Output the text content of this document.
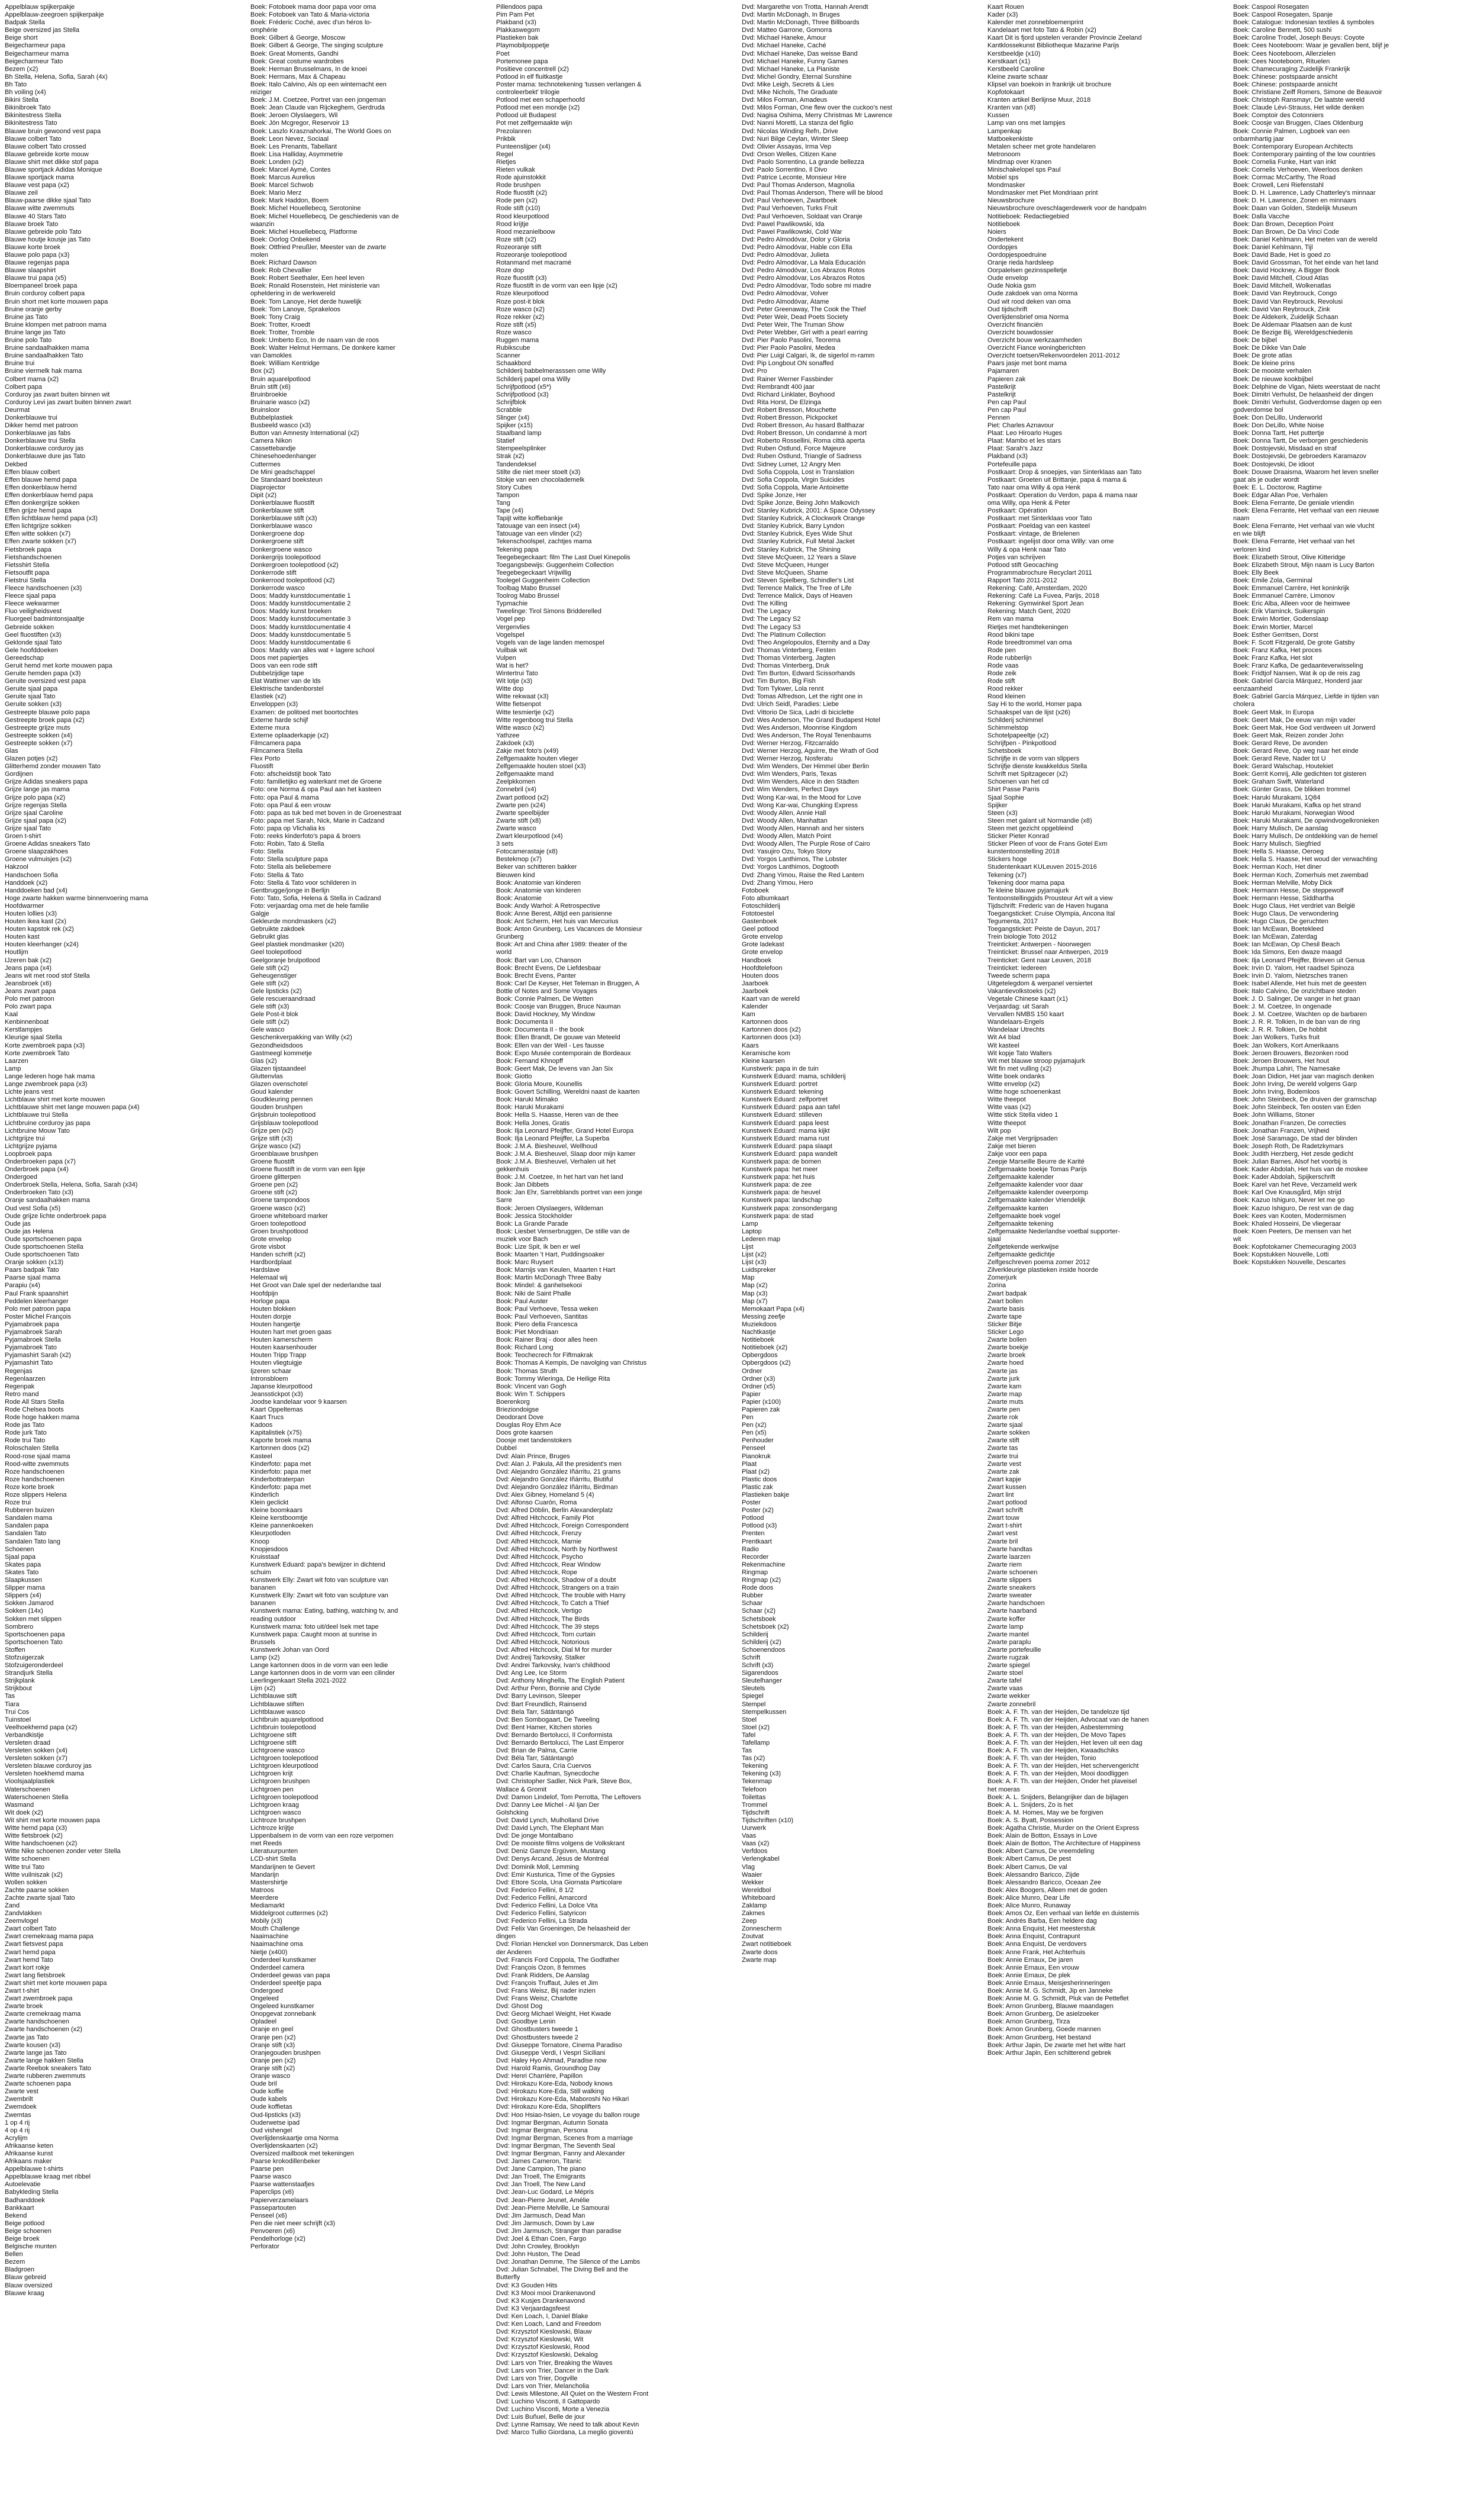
Appelblauw spijkerpakje
Appelblauw-zeegroen spijkerpakje
Badpak Stella
Beige oversized jas Stella
Beige short
Beigecharmeur papa
Beigecharmeur mama
Beigecharmeur Tato
Bezem (x2)
Bh Stella, Helena, Sofia, Sarah (4x)
Bh Tato
Bh voiling (x4)
Bikini Stella
Bikinibroek Tato
Bikinitestress Stella
Bikinitestress Tato
Blauwe bruin gewoond vest papa
Blauwe colbert Tato
Blauwe colbert Tato crossed
Blauwe gebreide korte mouw
Blauwe shirt met dikke stof papa
Blauwe sportjack Adidas Monique
Blauwe sportjack mama
Blauwe vest papa (x2)
Blauwe zeil
Blauw-paarse dikke sjaal Tato
Blauwe witte zwemmuts
Blauwe 40 Stars Tato
Blauwe broek Tato
Blauwe gebreide polo Tato
Blauwe houtje kousje jas Tato
Blauwe korte broek
Blauwe polo papa (x3)
Blauwe regenjas papa
Blauwe slaapshirt
Blauwe trui papa (x5)
Bloempaneel broek papa
Bruin corduroy colbert papa
Bruin short met korte mouwen papa
Bruine oranje gerby
Bruine jas Tato
Bruine klompen met patroon mama
Bruine lange jas Tato
Bruine polo Tato
Bruine sandaalhakken mama
Bruine sandaalhakken Tato
Bruine trui
Bruine viermelk hak mama
Colbert mama (x2)
Colbert papa
Corduroy jas zwart buiten binnen wit
Corduroy Levi jas zwart buiten binnen zwart
Deurmat
Donkerblauwe trui
Dikker hemd met patroon
Donkerblauwe jas fabs
Donkerblauwe trui Stella
Donkerblauwe corduroy jas
Donkerblauwe dure jas Tato
Dekbed
Effen blauw colbert
Effen blauwe hemd papa
Effen donkerblauw hemd
Effen donkerblauw hemd papa
Effen donkergrijze sokken
Effen grijze hemd papa
Effen lichtblauw hemd papa (x3)
Effen lichtgrijze sokken
Effen witte sokken (x7)
Effen zwarte sokken (x7)
Fietsbroek papa
Fietshandschoenen
Fietsshirt Stella
Fietsoutfit papa
Fietstrui Stella
Fleece handschoenen (x3)
Fleece sjaal papa
Fleece wekwarmer
Fluo veiligheidsvest
Fluorgeel badmintonsjaaltje
Gebreide sokken
Geel fluostiften (x3)
Geklonde sjaal Tato
Gele hoofddoeken
Gereedschap
Geruit hemd met korte mouwen papa
Geruite hemden papa (x3)
Geruite oversized vest papa
Geruite sjaal papa
Geruite sjaal Tato
Geruite sokken (x3)
Gestreepte blauwe polo papa
Gestreepte broek papa (x2)
Gestreepte grijze muts
Gestreepte sokken (x4)
Gestreepte sokken (x7)
Glas
Glazen potjes (x2)
Glitterhemd zonder mouwen Tato
Gordijnen
Grijze Adidas sneakers papa
Grijze lange jas mama
Grijze polo papa (x2)
Grijze regenjas Stella
Grijze sjaal Caroline
Grijze sjaal papa (x2)
Grijze sjaal Tato
Groen t-shirt
Groene Adidas sneakers Tato
Groene slaapzakhoes
Groene vulmuisjes (x2)
Hakzool
Handschoen Sofia
Handdoek (x2)
Handdoeken bad (x4)
Hoge zwarte hakken warme binnenvoering mama
Hoofdwarmer
Houten lollies (x3)
Houten ikea kast (2x)
Houten kapstok rek (x2)
Houten kast
Houten kleerhanger (x24)
Houtlijm
IJzeren bak (x2)
Jeans papa (x4)
Jeans wit met rood stof Stella
Jeansbroek (x6)
Jeans zwart papa
Polo met patroon
Polo zwart papa
Kaal
Kenbinnenboat
Kerstlampjes
Kleurige sjaal Stella
Korte zwembroek papa (x3)
Korte zwembroek Tato
Laarzen
Lamp
Lange lederen hoge hak mama
Lange zwembroek papa (x3)
Lichte jeans vest
Lichtblauw shirt met korte mouwen
Lichtblauwe shirt met lange mouwen papa (x4)
Lichtblauwe trui Stella
Lichtbruine corduroy jas papa
Lichtbruine Mouw Tato
Lichtgrijze trui
Lichtgrijze pyjama
Loopbroek papa
Onderbroeken papa (x7)
Onderbroek papa (x4)
Ondergoed
Onderbroek Stella, Helena, Sofia, Sarah (x34)
Onderbroeken Tato (x3)
Oranje sandaalhakken mama
Oud vest Sofia (x5)
Oude grijze lichte onderbroek papa
Oude jas
Oude jas Helena
Oude sportschoenen papa
Oude sportschoenen Stella
Oude sportschoenen Tato
Oranje sokken (x13)
Paars badpak Tato
Paarse sjaal mama
Parapiu (x4)
Paul Frank spaanshirt
Peddelen kleerhanger
Polo met patroon papa
Poster Michel François
Pyjamabroek papa
Pyjamabroek Sarah
Pyjamabroek Stella
Pyjamabroek Tato
Pyjamashirt Sarah (x2)
Pyjamashirt Tato
Regenjas
Regenlaarzen
Regenpak
Retro mand
Rode All Stars Stella
Rode Chelsea boots
Rode hoge hakken mama
Rode jas Tato
Rode jurk Tato
Rode trui Tato
Roloschalen Stella
Rood-rose sjaal mama
Rood-witte zwemmuts
Roze handschoenen
Roze handschoenen
Roze korte broek
Roze slippers Helena
Roze trui
Rubberen buizen
Sandalen mama
Sandalen papa
Sandalen Tato
Sandalen Tato lang
Schoenen
Sjaal papa
Skates papa
Skates Tato
Slaapkussen
Slipper mama
Slippers (x4)
Sokken Jamarod
Sokken (14x)
Sokken met slippen
Sombrero
Sportschoenen papa
Sportschoenen Tato
Stoffen
Stofzuigerzak
Stofzuigeronderdeel
Strandjurk Stella
Strijkplank
Strijkbout
Tas
Tiara
Trui Cos
Tuinstoel
Veelhoekhemd papa (x2)
Verbandkistje
Versleten draad
Versleten sokken (x4)
Versleten sokken (x7)
Versleten blauwe corduroy jas
Versleten hoekhemd mama
Vioolsjaalplastiek
Waterschoenen
Waterschoenen Stella
Wasmand
Wit doek (x2)
Wit shirt met korte mouwen papa
Witte hemd papa (x3)
Witte fietsbroek (x2)
Witte handschoenen (x2)
Witte Nike schoenen zonder veter Stella
Witte schoenen
Witte trui Tato
Witte vuilniszak (x2)
Wollen sokken
Zachte paarse sokken
Zachte zwarte sjaal Tato
Zand
Zandvlakken
Zeemvlogel
Zwart colbert Tato
Zwart cremekraag mama papa
Zwart fietsvest papa
Zwart hemd papa
Zwart hemd Tato
Zwart kort rokje
Zwart lang fietsbroek
Zwart shirt met korte mouwen papa
Zwart t-shirt
Zwart zwembroek papa
Zwarte broek
Zwarte cremekraag mama
Zwarte handschoenen
Zwarte handschoenen (x2)
Zwarte jas Tato
Zwarte kousen (x3)
Zwarte lange jas Tato
Zwarte lange hakken Stella
Zwarte Reebok sneakers Tato
Zwarte rubberen zwemmuts
Zwarte schoenen papa
Zwarte vest
Zwembrilt
Zwemdoek
Zwemtas
1 op 4 rij
4 op 4 rij
Acrylijm
Afrikaanse keten
Afrikaanse kunst
Afrikaans maker
Appelblauwe t-shirts
Appelblauwe kraag met ribbel
Autoelevatie
Babykleding Stella
Badhanddoek
Bankkaart
Bekend
Beige potlood
Beige schoenen
Beige broek
Belgische munten
Bellen
Bezem
Bladgroen
Blauw gebreid
Blauw oversized
Blauwe kraag
Boek: Fotoboek mama door papa voor oma
Boek: Fotoboek van Tato & Maria-victoria
Boek: Fréderic Coché, avec d'un héros lo-
omphérie
Boek: Gilbert & George, Moscow
Boek: Gilbert & George, The singing sculpture
Boek: Great Moments, Gandhi
Boek: Great costume wardrobes
Boek: Herman Brusselmans, In de knoei
Boek: Hermans, Max & Chapeau
Boek: Italo Calvino, Als op een winternacht een
reiziger
Boek: J.M. Coetzee, Portret van een jongeman
Boek: Jean Claude van Rijckeghem, Gerdruda
Boek: Jeroen Olyslaegers, Wil
Boek: Jón Mcgregor, Reservoir 13
Boek: Laszlo Krasznahorkai, The World Goes on
Boek: Leon Nevez, Sociaal
Boek: Les Prenants, Tabellant
Boek: Lisa Halliday, Asymmetrie
Boek: Londen (x2)
Boek: Marcel Aymé, Contes
Boek: Marcus Aurelius
Boek: Marcel Schwob
Boek: Mario Merz
Boek: Mark Haddon, Boem
Boek: Michel Houellebecq, Serotonine
Boek: Michel Houellebecq, De geschiedenis van de
waanzin
Boek: Michel Houellebecq, Platforme
Boek: Oorlog Onbekend
Boek: Ottfried Preußler, Meester van de zwarte
molen
Boek: Richard Dawson
Boek: Rob Chevallier
Boek: Robert Seethaler, Een heel leven
Boek: Ronald Rosenstein, Het ministerie van
opheldering in de werkwereld
Boek: Tom Lanoye, Het derde huwelijk
Boek: Tom Lanoye, Sprakeloos
Boek: Tony Craig
Boek: Trotter, Kroedt
Boek: Trotter, Tromble
Boek: Umberto Eco, In de naam van de roos
Boek: Walter Helmut Hermans, De donkere kamer
van Damokles
Boek: William Kentridge
Box (x2)
Bruin aquarelpotlood
Bruin stift (x6)
Bruinbroekie
Bruinarie wasco (x2)
Bruinsloor
Bubbelplastiek
Busbeeld wasco (x3)
Button van Amnesty International (x2)
Camera Nikon
Cassettebandje
Chinesehoedenhanger
Cuttermes
De Mini geadschappel
De Standaard boeksteun
Diaprojector
Dipit (x2)
Donkerblauwe fluostift
Donkerblauwe stift
Donkerblauwe stift (x3)
Donkerblauwe wasco
Donkergroene dop
Donkergroene stift
Donkergroene wasco
Donkergrijs toolepotlood
Donkergroen toolepotlood (x2)
Donkerrode stift
Donkerrood toolepotlood (x2)
Donkerrode wasco
Doos: Maddy kunstdocumentatie 1
Doos: Maddy kunstdocumentatie 2
Doos: Maddy kunst broeken
Doos: Maddy kunstdocumentatie 3
Doos: Maddy kunstdocumentatie 4
Doos: Maddy kunstdocumentatie 5
Doos: Maddy kunstdocumentatie 6
Doos: Maddy van alles wat + lagere school
Doos met papiertjes
Doos van een rode stift
Dubbelzijdige tape
Elat Wattimer van de lds
Elektrische tandenborstel
Elastiek (x2)
Enveloppen (x3)
Examen: de politoed met boortochtes
Externe harde schijf
Externe mura
Externe oplaaderkapje (x2)
Filmcamera papa
Filmcamera Stella
Flex Porto
Fluostift
Foto: afscheidstijt book Tato
Foto: familietijko eg waterkant met de Groene
Foto: one Norma & opa Paul aan het kasteen
Foto: opa Paul & mama
Foto: opa Paul & een vrouw
Foto: papa as tuk bed met boven in de Groenestraat
Foto: papa met Sarah, Nick, Marie in Cadzand
Foto: papa op Vlichalia ks
Foto: reeks kinderfoto's papa & broers
Foto: Robin, Tato & Stella
Foto: Stella
Foto: Stella sculpture papa
Foto: Stella als beliebemere
Foto: Stella & Tato
Foto: Stella & Tato voor schilderen in
Gentbrugge/jonge in Berlijn
Foto: Tato, Sofia, Helena & Stella in Cadzand
Foto: verjaardag oma met de hele familie
Galgje
Gekleurde mondmaskers (x2)
Gebruikte zakdoek
Gebruikt glas
Geel plastiek mondmasker (x20)
Geel toolepotlood
Geelgoranje brulpotlood
Gele stift (x2)
Geheugenstiger
Gele stift (x2)
Gele lipsticks (x2)
Gele rescueraandraad
Gele stift (x3)
Gele Post-it blok
Gele stift (x2)
Gele wasco
Geschenkverpakking van Willy (x2)
Gezondheidsdoos
Gastmeegl kommetje
Glas (x2)
Glazen tijstaandeel
Gluttenvlas
Glazen ovenschotel
Goud kalender
Goudkleuring pennen
Gouden brushpen
Grijsbruin toolepotlood
Grijsblauw toolepotlood
Grijze pen (x2)
Grijze stift (x3)
Grijze wasco (x2)
Groenblauwe brushpen
Groene fluostift
Groene fluostift in de vorm van een lipje
Groene glitterpen
Groene pen (x2)
Groene stift (x2)
Groene tampondoos
Groene wasco (x2)
Groene whiteboard marker
Groen toolepotlood
Groen brushpotlood
Grote envelop
Grote visbot
Handen schrift (x2)
Hardbordplaat
Hardslave
Helemaal wij
Het Groot van Dale spel der nederlandse taal
Hoofdpijn
Horloge papa
Houten blokken
Houten dorpje
Houten hangertje
Houten hart met groen gaas
Houten kamerscherm
Houten kaarsenhouder
Houten Tripp Trapp
Houten vliegtuigje
Ijzeren schaar
Intronsbloem
Japanse kleurpotlood
Jeansstickpot (x3)
Joodse kandelaar voor 9 kaarsen
Kaart Oppeltemas
Kaart Trucs
Kadoos
Kapitalistiek (x75)
Kaporte broek mama
Kartonnen doos (x2)
Kasteel
Kinderfoto: papa met
Kinderfoto: papa met
Kinderbottraterpan
Kinderfoto: papa met
Kinderlich
Klein geclickt
Kleine boomkaars
Kleine kerstboomtje
Kleine pannenkoeken
Kleurpotloden
Knoop
Knopjesdoos
Kruisstaaf
Kunstwerk Eduard: papa's bewijzer in dichtend
schuim
Kunstwerk Elly: Zwart wit foto van sculpture van
bananen
Kunstwerk Elly: Zwart wit foto van sculpture van
bananen
Kunstwerk mama: Eating, bathing, watching tv, and
reading outdoor
Kunstwerk mama: foto uit/deel lsek met tape
Kunstwerk papa: Caught moon at sunrise in
Brussels
Kunstwerk Johan van Oord
Lamp (x2)
Lange kartonnen doos in de vorm van een ledie
Lange kartonnen doos in de vorm van een cilinder
Leerlingenkaart Stella 2021-2022
Lijm (x2)
Lichtblauwe stift
Lichtblauwe stiften
Lichtblauwe wasco
Lichtbruin aquarelpotlood
Lichtbruin toolepotlood
Lichtgroene stift
Lichtgroene stift
Lichtgroene wasco
Lichtgroen toolepotlood
Lichtgroen kleurpotlood
Lichtgroen krijt
Lichtgroen brushpen
Lichtgroen pen
Lichtgroen toolepotlood
Lichtgroen kraag
Lichtgroen wasco
Lichtroze brushpen
Lichtroze krijtje
Lippenbalsem in de vorm van een roze verpomen
met Reeds
Literatuurpunten
LCD-shirt Stella
Mandarijnen te Gevert
Mandarijn
Mastershirtje
Matroos
Meerdere
Mediamarkt
Middelgroot cuttermes (x2)
Mobily (x3)
Mouth Challenge
Naaimachine
Naaimachine oma
Nietje (x400)
Onderdeel kunstkamer
Onderdeel camera
Onderdeel gewas van papa
Onderdeel speeltje papa
Ondergoed
Ongeleed
Ongeleed kunstkamer
Onopgevat zonnebank
Opladeel
Oranje en geel
Oranje pen (x2)
Oranje stift (x3)
Oranjegouden brushpen
Oranje pen (x2)
Oranje stift (x2)
Oranje wasco
Oude bril
Oude koffie
Oude kabels
Oude koffietas
Oud-lipsticks (x3)
Ouderwetse ipad
Oud vishengel
Overlijdenskaartje oma Norma
Overlijdenskaarten (x2)
Oversized mailbook met tekeningen
Paarse krokodillenbeker
Paarse pen
Paarse wasco
Paarse wattenstaafjes
Paperclips (x6)
Papierverzamelaars
Passepartouten
Penseel (x6)
Pen die niet meer schrijft (x3)
Penvoeren (x6)
Pendelhorloge (x2)
Perforator
Pillendoos papa
Pim Pam Pet
Plakband (x3)
Plakkaswegom
Plastieken bak
Playmobilpoppetje
Poet
Portemonee papa
Positieve concentrell (x2)
Potlood in elf fluitkastje
Poster mama: technotekening 'tussen verlangen &
controleerbekt' trilogie
Potlood met een schaperhoofd
Potlood met een mondje (x2)
Potlood uit Budapest
Pot met zelfgemaakte wijn
Prezolanren
Prikbik
Punteenslijper (x4)
Regel
Rietjes
Rieten vulkak
Rode ajuinstokkit
Rode brushpen
Rode fluostift (x2)
Rode pen (x2)
Rode stift (x10)
Rood kleurpotlood
Rood krijtje
Rood mezanielboow
Roze stift (x2)
Rozeoranje stift
Rozeoranje toolepotlood
Rotanmand met macramé
Roze dop
Roze fluostift (x3)
Roze fluostift in de vorm van een lipje (x2)
Roze kleurpotlood
Roze post-it blok
Roze wasco (x2)
Roze rekker (x2)
Roze stift (x5)
Roze wasco
Ruggen mama
Rubikscube
Scanner
Schaakbord
Schilderij babbelmerasssen ome Willy
Schilderij papel oma Willy
Schrijfpotlood (x5*)
Schrijfpotlood (x3)
Schrijfblok
Scrabble
Slinger (x4)
Spijker (x15)
Staalband lamp
Statief
Stempeelsplinker
Strak (x2)
Tandendeksel
Stilte die niet meer stoelt (x3)
Stokje van een chocolademelk
Story Cubes
Tampon
Tang
Tape (x4)
Tapijt witte koffiebankje
Tatouage van een insect (x4)
Tatouage van een vlinder (x2)
Tekenschoolspel, zachtjes mama
Tekening papa
Teegebegeckaart: film The Last Duel Kinepolis
Toegangsbewijs: Guggenheim Collection
Teegebegeckaart Vrijwillig
Toolegel Guggenheim Collection
Toolbag Mabo Brussel
Toolrog Mabo Brussel
Typmachie
Tweelinge: Tirol Simons Bridderelled
Vogel pep
Vergenvlies
Vogelspel
Vogels van de lage landen memospel
Vuilbak wit
Vulpen
Wat is het?
Wintertrui Tato
Wit lotje (x3)
Witte dop
Witte rekwaat (x3)
Witte fietsenpot
Witte tesmiertje (x2)
Witte regenboog trui Stella
Witte wasco (x2)
Yathzee
Zakdoek (x3)
Zakje met foto's (x49)
Zelfgemaakte houten vlieger
Zelfgemaakte houten stoel (x3)
Zelfgemaakte mand
Zeelpkkomen
Zonnebril (x4)
Zwart potlood (x2)
Zwarte pen (x24)
Zwarte speelbijder
Zwarte stift (x8)
Zwarte wasco
Zwart kleurpotlood (x4)
3 sets
Fotocamerastaje (x8)
Bestekmop (x7)
Beker van schitteren bakker
Bieuwen kind
Book: Anatomie van kinderen
Book: Anatomie van kinderen
Book: Anatomie
Book: Andy Warhol: A Retrospective
Book: Anne Berest, Altijd een parisienne
Book: Ant Scherm, Het huis van Mercurius
Book: Anton Grunberg, Les Vacances de Monsieur
Grunberg
Book: Art and China after 1989: theater of the
world
Book: Bart van Loo, Chanson
Book: Brecht Evens, De Liefdesbaar
Book: Brecht Evens, Panter
Book: Carl De Keyser, Het Teleman in Bruggen, A
Bottle of Notes and Some Voyages
Book: Connie Palmen, De Wetten
Book: Coosje van Bruggen, Bruce Nauman
Book: David Hockney, My Window
Book: Documenta II
Book: Documenta II - the book
Book: Ellen Brandt, De gouwe van Meteeld
Book: Ellen van der Weil - Les fausse
Book: Expo Musée contemporain de Bordeaux
Book: Fernand Khnopff
Book: Geert Mak, De levens van Jan Six
Book: Giotto
Book: Gloria Moure, Kounellis
Book: Govert Schilling, Wereldni naast de kaarten
Book: Haruki Mimako
Book: Haruki Murakami
Book: Hella S. Haasse, Heren van de thee
Book: Hella Jones, Gratis
Book: Ilja Leonard Pfeijffer, Grand Hotel Europa
Book: Ilja Leonard Pfeijffer, La Superba
Book: J.M.A. Biesheuvel, Wellhoud
Book: J.M.A. Biesheuvel, Slaap door mijn kamer
Book: J.M.A. Biesheuvel, Verhalen uit het
gekkenhuis
Book: J.M. Coetzee, In het hart van het land
Book: Jan Dibbets
Book: Jan Ehr, Sarrebblands portret van een jonge
Sarre
Book: Jeroen Olyslaegers, Wildeman
Book: Jessica Stockholder
Book: La Grande Parade
Book: Liesbet Venserbruggen, De stille van de
muziek voor Bach
Book: Lize Spit, Ik ben er wel
Book: Maarten 't Hart, Puddingsoaker
Book: Marc Ruysert
Book: Marnijs van Keulen, Maarten t Hart
Book: Martin McDonagh Three Baby
Book: Mindel: & ganhelsekooi
Book: Niki de Saint Phalle
Book: Paul Auster
Book: Paul Verhoeve, Tessa weken
Book: Paul Verhoeven, Santitas
Book: Piero della Francesca
Book: Piet Mondriaan
Book: Rainer Braj - door alles heen
Book: Richard Long
Book: Teochecrech for Fiftmakrak
Book: Thomas A Kempis, De navolging van Christus
Book: Thomas Struth
Book: Tommy Wieringa, De Heilige Rita
Book: Vincent van Gogh
Book: Wim T. Schippers
Boerenkorg
Brieziondoigse
Deodorant Dove
Douglas Roy Ehm Ace
Doos grote kaarsen
Doosje met tandenstokers
Dubbel
Dvd: Alain Prince, Bruges
Dvd: Alan J. Pakula, All the president's men
Dvd: Alejandro González Iñárritu, 21 grams
Dvd: Alejandro González Iñárritu, Biutiful
Dvd: Alejandro González Iñárritu, Birdman
Dvd: Alex Gibney, Homeland 5 (4)
Dvd: Alfonso Cuarón, Roma
Dvd: Alfred Döblin, Berlin Alexanderplatz
Dvd: Alfred Hitchcock, Family Plot
Dvd: Alfred Hitchcock, Foreign Correspondent
Dvd: Alfred Hitchcock, Frenzy
Dvd: Alfred Hitchcock, Marnie
Dvd: Alfred Hitchcock, North by Northwest
Dvd: Alfred Hitchcock, Psycho
Dvd: Alfred Hitchcock, Rear Window
Dvd: Alfred Hitchcock, Rope
Dvd: Alfred Hitchcock, Shadow of a doubt
Dvd: Alfred Hitchcock, Strangers on a train
Dvd: Alfred Hitchcock, The trouble with Harry
Dvd: Alfred Hitchcock, To Catch a Thief
Dvd: Alfred Hitchcock, Vertigo
Dvd: Alfred Hitchcock, The Birds
Dvd: Alfred Hitchcock, The 39 steps
Dvd: Alfred Hitchcock, Torn curtain
Dvd: Alfred Hitchcock, Notorious
Dvd: Alfred Hitchcock, Dial M for murder
Dvd: Andreij Tarkovsky, Stalker
Dvd: Andrei Tarkovsky, Ivan's childhood
Dvd: Ang Lee, Ice Storm
Dvd: Anthony Minghella, The English Patient
Dvd: Arthur Penn, Bonnie and Clyde
Dvd: Barry Levinson, Sleeper
Dvd: Bart Freundlich, Rainsend
Dvd: Bela Tarr, Sátántangó
Dvd: Ben Sombogaart, De Tweeling
Dvd: Bent Hamer, Kitchen stories
Dvd: Bernardo Bertolucci, Il Conformista
Dvd: Bernardo Bertolucci, The Last Emperor
Dvd: Brian de Palma, Carrie
Dvd: Béla Tarr, Sátántangó
Dvd: Carlos Saura, Cría Cuervos
Dvd: Charlie Kaufman, Synecdoche
Dvd: Christopher Sadler, Nick Park, Steve Box,
Wallace & Gromit
Dvd: Damon Lindelof, Tom Perrotta, The Leftovers
Dvd: Danny Lee Michel - Al Ijan Der
Golshcking
Dvd: David Lynch, Mulholland Drive
Dvd: David Lynch, The Elephant Man
Dvd: De jonge Montalbano
Dvd: De mooiste films volgens de Volkskrant
Dvd: Deniz Gamze Ergüven, Mustang
Dvd: Denys Arcand, Jésus de Montréal
Dvd: Dominik Moll, Lemming
Dvd: Emir Kusturica, Time of the Gypsies
Dvd: Ettore Scola, Una Giornata Particolare
Dvd: Federico Fellini, 8 1/2
Dvd: Federico Fellini, Amarcord
Dvd: Federico Fellini, La Dolce Vita
Dvd: Federico Fellini, Satyricon
Dvd: Federico Fellini, La Strada
Dvd: Felix Van Groeningen, De helaasheid der
dingen
Dvd: Florian Henckel von Donnersmarck, Das Leben
der Anderen
Dvd: Francis Ford Coppola, The Godfather
Dvd: François Ozon, 8 femmes
Dvd: Frank Ridders, De Aanslag
Dvd: François Truffaut, Jules et Jim
Dvd: Frans Weisz, Bij nader inzien
Dvd: Frans Weisz, Charlotte
Dvd: Ghost Dog
Dvd: Georg Michael Weight, Het Kwade
Dvd: Goodbye Lenin
Dvd: Ghostbusters tweede 1
Dvd: Ghostbusters tweede 2
Dvd: Giuseppe Tornatore, Cinema Paradiso
Dvd: Giuseppe Verdi, I Vespri Siciliani
Dvd: Haley Hyo Ahmad, Paradise now
Dvd: Harold Ramis, Groundhog Day
Dvd: Henri Charrière, Papillon
Dvd: Hirokazu Kore-Eda, Nobody knows
Dvd: Hirokazu Kore-Eda, Still walking
Dvd: Hirokazu Kore-Eda, Maboroshi No Hikari
Dvd: Hirokazu Kore-Eda, Shoplifters
Dvd: Hoo Hsiao-hsien, Le voyage du ballon rouge
Dvd: Ingmar Bergman, Autumn Sonata
Dvd: Ingmar Bergman, Persona
Dvd: Ingmar Bergman, Scenes from a marriage
Dvd: Ingmar Bergman, The Seventh Seal
Dvd: Ingmar Bergman, Fanny and Alexander
Dvd: James Cameron, Titanic
Dvd: Jane Campion, The piano
Dvd: Jan Troell, The Emigrants
Dvd: Jan Troell, The New Land
Dvd: Jean-Luc Godard, Le Mépris
Dvd: Jean-Pierre Jeunet, Amélie
Dvd: Jean-Pierre Melville, Le Samouraï
Dvd: Jim Jarmusch, Dead Man
Dvd: Jim Jarmusch, Down by Law
Dvd: Jim Jarmusch, Stranger than paradise
Dvd: Joel & Ethan Coen, Fargo
Dvd: John Crowley, Brooklyn
Dvd: John Huston, The Dead
Dvd: Jonathan Demme, The Silence of the Lambs
Dvd: Julian Schnabel, The Diving Bell and the
Butterfly
Dvd: K3 Gouden Hits
Dvd: K3 Mooi mooi Drankenavond
Dvd: K3 Kusjes Drankenavond
Dvd: K3 Verjaardagsfeest
Dvd: Ken Loach, I, Daniel Blake
Dvd: Ken Loach, Land and Freedom
Dvd: Krzysztof Kieslowski, Blauw
Dvd: Krzysztof Kieslowski, Wit
Dvd: Krzysztof Kieslowski, Rood
Dvd: Krzysztof Kieslowski, Dekalog
Dvd: Lars von Trier, Breaking the Waves
Dvd: Lars von Trier, Dancer in the Dark
Dvd: Lars von Trier, Dogville
Dvd: Lars von Trier, Melancholia
Dvd: Lewis Milestone, All Quiet on the Western Front
Dvd: Luchino Visconti, Il Gattopardo
Dvd: Luchino Visconti, Morte a Venezia
Dvd: Luis Buñuel, Belle de jour
Dvd: Lynne Ramsay, We need to talk about Kevin
Dvd: Marco Tullio Giordana, La meglio gioventù
Dvd: Margarethe von Trotta, Hannah Arendt
Dvd: Martin McDonagh, In Bruges
Dvd: Martin McDonagh, Three Billboards
Dvd: Matteo Garrone, Gomorra
Dvd: Michael Haneke, Amour
Dvd: Michael Haneke, Caché
Dvd: Michael Haneke, Das weisse Band
Dvd: Michael Haneke, Funny Games
Dvd: Michael Haneke, La Pianiste
Dvd: Michel Gondry, Eternal Sunshine
Dvd: Mike Leigh, Secrets & Lies
Dvd: Mike Nichols, The Graduate
Dvd: Milos Forman, Amadeus
Dvd: Milos Forman, One flew over the cuckoo's nest
Dvd: Nagisa Oshima, Merry Christmas Mr Lawrence
Dvd: Nanni Moretti, La stanza del figlio
Dvd: Nicolas Winding Refn, Drive
Dvd: Nuri Bilge Ceylan, Winter Sleep
Dvd: Olivier Assayas, Irma Vep
Dvd: Orson Welles, Citizen Kane
Dvd: Paolo Sorrentino, La grande bellezza
Dvd: Paolo Sorrentino, Il Divo
Dvd: Patrice Leconte, Monsieur Hire
Dvd: Paul Thomas Anderson, Magnolia
Dvd: Paul Thomas Anderson, There will be blood
Dvd: Paul Verhoeven, Zwartboek
Dvd: Paul Verhoeven, Turks Fruit
Dvd: Paul Verhoeven, Soldaat van Oranje
Dvd: Pawel Pawlikowski, Ida
Dvd: Pawel Pawlikowski, Cold War
Dvd: Pedro Almodóvar, Dolor y Gloria
Dvd: Pedro Almodóvar, Hable con Ella
Dvd: Pedro Almodóvar, Julieta
Dvd: Pedro Almodóvar, La Mala Educación
Dvd: Pedro Almodóvar, Los Abrazos Rotos
Dvd: Pedro Almodóvar, Los Abrazos Rotos
Dvd: Pedro Almodóvar, Todo sobre mi madre
Dvd: Pedro Almodóvar, Volver
Dvd: Pedro Almodóvar, Átame
Dvd: Peter Greenaway, The Cook the Thief
Dvd: Peter Weir, Dead Poets Society
Dvd: Peter Weir, The Truman Show
Dvd: Peter Webber, Girl with a pearl earring
Dvd: Pier Paolo Pasolini, Teorema
Dvd: Pier Paolo Pasolini, Medea
Dvd: Pier Luigi Calgari, Ik, de sigerlol m-ramm
Dvd: Pip Longbout ON sonaffed
Dvd: Pro
Dvd: Rainer Werner Fassbinder
Dvd: Rembrandt 400 jaar
Dvd: Richard Linklater, Boyhood
Dvd: Rita Horst, De Elzinga
Dvd: Robert Bresson, Mouchette
Dvd: Robert Bresson, Pickpocket
Dvd: Robert Bresson, Au hasard Balthazar
Dvd: Robert Bresson, Un condamné à mort
Dvd: Roberto Rossellini, Roma città aperta
Dvd: Ruben Östlund, Force Majeure
Dvd: Ruben Östlund, Triangle of Sadness
Dvd: Sidney Lumet, 12 Angry Men
Dvd: Sofia Coppola, Lost in Translation
Dvd: Sofia Coppola, Virgin Suicides
Dvd: Sofia Coppola, Marie Antoinette
Dvd: Spike Jonze, Her
Dvd: Spike Jonze, Being John Malkovich
Dvd: Stanley Kubrick, 2001: A Space Odyssey
Dvd: Stanley Kubrick, A Clockwork Orange
Dvd: Stanley Kubrick, Barry Lyndon
Dvd: Stanley Kubrick, Eyes Wide Shut
Dvd: Stanley Kubrick, Full Metal Jacket
Dvd: Stanley Kubrick, The Shining
Dvd: Steve McQueen, 12 Years a Slave
Dvd: Steve McQueen, Hunger
Dvd: Steve McQueen, Shame
Dvd: Steven Spielberg, Schindler's List
Dvd: Terrence Malick, The Tree of Life
Dvd: Terrence Malick, Days of Heaven
Dvd: The Killing
Dvd: The Legacy
Dvd: The Legacy S2
Dvd: The Legacy S3
Dvd: The Platinum Collection
Dvd: Theo Angelopoulos, Eternity and a Day
Dvd: Thomas Vinterberg, Festen
Dvd: Thomas Vinterberg, Jagten
Dvd: Thomas Vinterberg, Druk
Dvd: Tim Burton, Edward Scissorhands
Dvd: Tim Burton, Big Fish
Dvd: Tom Tykwer, Lola rennt
Dvd: Tomas Alfredson, Let the right one in
Dvd: Ulrich Seidl, Paradies: Liebe
Dvd: Vittorio De Sica, Ladri di biciclette
Dvd: Wes Anderson, The Grand Budapest Hotel
Dvd: Wes Anderson, Moonrise Kingdom
Dvd: Wes Anderson, The Royal Tenenbaums
Dvd: Werner Herzog, Fitzcarraldo
Dvd: Werner Herzog, Aguirre, the Wrath of God
Dvd: Werner Herzog, Nosferatu
Dvd: Wim Wenders, Der Himmel über Berlin
Dvd: Wim Wenders, Paris, Texas
Dvd: Wim Wenders, Alice in den Städten
Dvd: Wim Wenders, Perfect Days
Dvd: Wong Kar-wai, In the Mood for Love
Dvd: Wong Kar-wai, Chungking Express
Dvd: Woody Allen, Annie Hall
Dvd: Woody Allen, Manhattan
Dvd: Woody Allen, Hannah and her sisters
Dvd: Woody Allen, Match Point
Dvd: Woody Allen, The Purple Rose of Cairo
Dvd: Yasujiro Ozu, Tokyo Story
Dvd: Yorgos Lanthimos, The Lobster
Dvd: Yorgos Lanthimos, Dogtooth
Dvd: Zhang Yimou, Raise the Red Lantern
Dvd: Zhang Yimou, Hero
Fotoboek
Foto albumkaart
Fotoschilderij
Fototoestel
Gastenboek
Geel potlood
Grote envelop
Grote ladekast
Grote envelop
Handboek
Hoofdtelefoon
Houten doos
Jaarboek
Jaarboek
Kaart van de wereld
Kalender
Kam
Kartonnen doos
Kartonnen doos (x2)
Kartonnen doos (x3)
Kaars
Keramische kom
Kleine kaarsen
Kunstwerk: papa in de tuin
Kunstwerk Eduard: mama, schilderij
Kunstwerk Eduard: portret
Kunstwerk Eduard: tekening
Kunstwerk Eduard: zelfportret
Kunstwerk Eduard: papa aan tafel
Kunstwerk Eduard: stilleven
Kunstwerk Eduard: papa leest
Kunstwerk Eduard: mama kijkt
Kunstwerk Eduard: mama rust
Kunstwerk Eduard: papa slaapt
Kunstwerk Eduard: papa wandelt
Kunstwerk papa: de bomen
Kunstwerk papa: het meer
Kunstwerk papa: het huis
Kunstwerk papa: de zee
Kunstwerk papa: de heuvel
Kunstwerk papa: landschap
Kunstwerk papa: zonsondergang
Kunstwerk papa: de stad
Lamp
Laptop
Lederen map
Lijst
Lijst (x2)
Lijst (x3)
Luidspreker
Map
Map (x2)
Map (x3)
Map (x7)
Memokaart Papa (x4)
Messing zeefje
Muziekdoos
Nachtkastje
Notitieboek
Notitieboek (x2)
Opbergdoos
Opbergdoos (x2)
Ordner
Ordner (x3)
Ordner (x5)
Papier
Papier (x100)
Papieren zak
Pen
Pen (x2)
Pen (x5)
Penhouder
Penseel
Pianokruk
Plaat
Plaat (x2)
Plastic doos
Plastic zak
Plastieken bakje
Poster
Poster (x2)
Potlood
Potlood (x3)
Prenten
Prentkaart
Radio
Recorder
Rekenmachine
Ringmap
Ringmap (x2)
Rode doos
Rubber
Schaar
Schaar (x2)
Schetsboek
Schetsboek (x2)
Schilderij
Schilderij (x2)
Schoenendoos
Schrift
Schrift (x3)
Sigarendoos
Sleutelhanger
Sleutels
Spiegel
Stempel
Stempelkussen
Stoel
Stoel (x2)
Tafel
Tafellamp
Tas
Tas (x2)
Tekening
Tekening (x3)
Tekenmap
Telefoon
Toilettas
Trommel
Tijdschrift
Tijdschriften (x10)
Uurwerk
Vaas
Vaas (x2)
Verfdoos
Verlengkabel
Vlag
Waaier
Wekker
Wereldbol
Whiteboard
Zaklamp
Zakmes
Zeep
Zonnescherm
Zoutvat
Zwart notitieboek
Zwarte doos
Zwarte map
Kaart Rouen
Kader (x3)
Kalender met zonnebloemenprint
Kandelaart met foto Tato & Robin (x2)
Kaart Dit is fjord upstelen verander Provincie Zeeland
Kantklossekunst Bibliotheque Mazarine Parijs
Kerstbeeldje (x10)
Kerstkaart (x1)
Kerstbeeld Caroline
Kleine zwarte schaar
Klipsel van boekoin in frankrijk uit brochure
Kopfotokaart
Kranten artikel Berlijnse Muur, 2018
Kranten van (x8)
Kussen
Lamp van ons met lampjes
Lampenkap
Matboekenkiste
Metalen scheer met grote handelaren
Metronoom
Mindmap over Kranen
Minischakelopel sps Paul
Mobiel sps
Mondmasker
Mondmasker met Piet Mondriaan print
Nieuwsbrochure
Nieuwsbrochure oveschlagerdewerk voor de handpalm
Notitieboek: Redactiegebied
Notitieboek
Noiers
Ondertekent
Oordopjes
Oordopjespoedruine
Oranje rieda hardsleep
Oorpalelsen gezinsspelletje
Oude envelop
Oude Nokia gsm
Oude zakdoek van oma Norma
Oud wit rood deken van oma
Oud tijdschrift
Overlijdensbrief oma Norma
Overzicht financiën
Overzicht bouwdossier
Overzicht bouw werkzaamheden
Overzicht Fiance woningberichten
Overzicht toetsen/Rekenvoordelen 2011-2012
Paars jasje met bont mama
Pajamaren
Papieren zak
Pastelkrijt
Pastelkrijt
Pen cap Paul
Pen cap Paul
Pennen
Piet: Charles Aznavour
Plaat: Leo Hiroarlo Huges
Plaat: Mambo et les stars
Plaat: Sarah's Jazz
Plakband (x3)
Portefeuille papa
Postkaart: Drop & snoepjes, van Sinterklaas aan Tato
Postkaart: Groeten uit Brittanje, papa & mama &
Tato naar oma Willy & opa Henk
Postkaart: Operation du Verdon, papa & mama naar
oma Willy, opa Henk & Peter
Postkaart: Opération
Postkaart: met Sinterklaas voor Tato
Postkaart: Poeldag van een kasteel
Postkaart: vintage, de Brielenen
Postkaart: ingelijst door oma Willy: van ome
Willy & opa Henk naar Tato
Potjes van schrijven
Potlood stift Geocaching
Programmabrochure Recyclart 2011
Rapport Tato 2011-2012
Rekening: Café, Amsterdam, 2020
Rekening: Café La Fuvea, Parijs, 2018
Rekening: Gymwinkel Sport Jean
Rekening: Match Gent, 2020
Rem van mama
Rietjes met handtekeningen
Rood bikini tape
Rode breedtrommel van oma
Rode pen
Rode rubberlijn
Rode vaas
Rode zeik
Rode stift
Rood rekker
Rood kleinen
Say Hi to the world, Homer papa
Schaakspel van de lijst (x26)
Schilderij schimmel
Schimmelstop
Schotelpapeeltje (x2)
Schrijfpen - Pinkpotlood
Schetsboek
Schrijfje in de vorm van slippers
Schrijfje dienste kwakkeldus Stella
Schrift met Spitzagecer (x2)
Schoenen van het cd
Shirt Passe Parris
Sjaal Sophie
Spijker
Steen (x3)
Steen met galant uit Normandie (x8)
Steen met gezicht opgebleind
Sticker Pieter Konrad
Sticker Pleen of voor de Frans Gotel Exm
kunstentoonstelling 2018
Stickers hoge
Studentenkaart KULeuven 2015-2016
Tekening (x7)
Tekening door mama papa
Te kleine blauwe pyjamajurk
Tentoonstellinggids Prousteur Art wit a view
Tijdschrift: Frederic van de Haven hugana
Toegangsticket: Cruise Olympia, Ancona Ital
Tegumenta, 2017
Toegangsticket: Peiste de Dayun, 2017
Trein biologie Toto 2012
Treinticket: Antwerpen - Noorwegen
Treinticket: Brussel naar Antwerpen, 2019
Treinticket: Gent naar Leuven, 2018
Treinticket: Iedereen
Tweede scherm papa
Uitgetelegdom & werpanel versiertet
Vakantievolkstoeks (x2)
Vegetale Chinese kaart (x1)
Verjaardag: uit Sarah
Vervallen NMBS 150 kaart
Wandelaars-Engels
Wandelaar Utrechts
Wit A4 blad
Wit kasteel
Wit kopje Tato Walters
Wit met blauwe stroop pyjamajurk
Wit fin met vulling (x2)
Witte boek ondanks
Witte envelop (x2)
Witte hoge schoenenkast
Witte theepot
Witte vaas (x2)
Witte stick Stella video 1
Witte theepot
Wilt pop
Zakje met Vergrijpsaden
Zakje met bieren
Zakje voor een papa
Zeepje Marseille Beurre de Karité
Zelfgemaakte boekje Tomas Parijs
Zelfgemaakte kalender
Zelfgemaakte kalender voor daar
Zelfgemaakte kalender oveerpomp
Zelfgemaakte kalender Vriendelijk
Zelfgemaakte kanten
Zelfgemaakte boek vogel
Zelfgemaakte tekening
Zelfgemaakte Nederlandse voetbal supporter-
sjaal
Zelfgetekende werkwijse
Zelfgemaakte gedichtje
Zelfgeschreven poema zomer 2012
Zilverkleurige plastieken inside hoorde
Zomerjurk
Zorina
Zwart badpak
Zwart bollen
Zwarte basis
Zwarte tape
Sticker Bitje
Sticker Lego
Zwarte bollen
Zwarte boekje
Zwarte broek
Zwarte hoed
Zwarte jas
Zwarte jurk
Zwarte kam
Zwarte map
Zwarte muts
Zwarte pen
Zwarte rok
Zwarte sjaal
Zwarte sokken
Zwarte stift
Zwarte tas
Zwarte trui
Zwarte vest
Zwarte zak
Zwart kapje
Zwart kussen
Zwart lint
Zwart potlood
Zwart schrift
Zwart touw
Zwart t-shirt
Zwart vest
Zwarte bril
Zwarte handtas
Zwarte laarzen
Zwarte riem
Zwarte schoenen
Zwarte slippers
Zwarte sneakers
Zwarte sweater
Zwarte handschoen
Zwarte haarband
Zwarte koffer
Zwarte lamp
Zwarte mantel
Zwarte paraplu
Zwarte portefeuille
Zwarte rugzak
Zwarte spiegel
Zwarte stoel
Zwarte tafel
Zwarte vaas
Zwarte wekker
Zwarte zonnebril
Boek: A. F. Th. van der Heijden, De tandeloze tijd
Boek: A. F. Th. van der Heijden, Advocaat van de hanen
Boek: A. F. Th. van der Heijden, Asbestemming
Boek: A. F. Th. van der Heijden, De Movo Tapes
Boek: A. F. Th. van der Heijden, Het leven uit een dag
Boek: A. F. Th. van der Heijden, Kwaadschiks
Boek: A. F. Th. van der Heijden, Tonio
Boek: A. F. Th. van der Heijden, Het schervengericht
Boek: A. F. Th. van der Heijden, Mooi doodliggen
Boek: A. F. Th. van der Heijden, Onder het plaveisel
het moeras
Boek: A. L. Snijders, Belangrijker dan de bijlagen
Boek: A. L. Snijders, Zo is het
Boek: A. M. Homes, May we be forgiven
Boek: A. S. Byatt, Possession
Boek: Agatha Christie, Murder on the Orient Express
Boek: Alain de Botton, Essays in Love
Boek: Alain de Botton, The Architecture of Happiness
Boek: Albert Camus, De vreemdeling
Boek: Albert Camus, De pest
Boek: Albert Camus, De val
Boek: Alessandro Baricco, Zijde
Boek: Alessandro Baricco, Oceaan Zee
Boek: Alex Boogers, Alleen met de goden
Boek: Alice Munro, Dear Life
Boek: Alice Munro, Runaway
Boek: Amos Oz, Een verhaal van liefde en duisternis
Boek: Andrés Barba, Een heldere dag
Boek: Anna Enquist, Het meesterstuk
Boek: Anna Enquist, Contrapunt
Boek: Anna Enquist, De verdovers
Boek: Anne Frank, Het Achterhuis
Boek: Annie Ernaux, De jaren
Boek: Annie Ernaux, Een vrouw
Boek: Annie Ernaux, De plek
Boek: Annie Ernaux, Meisjesherinneringen
Boek: Annie M. G. Schmidt, Jip en Janneke
Boek: Annie M. G. Schmidt, Pluk van de Petteflet
Boek: Arnon Grunberg, Blauwe maandagen
Boek: Arnon Grunberg, De asielzoeker
Boek: Arnon Grunberg, Tirza
Boek: Arnon Grunberg, Goede mannen
Boek: Arnon Grunberg, Het bestand
Boek: Arthur Japin, De zwarte met het witte hart
Boek: Arthur Japin, Een schitterend gebrek
Boek: Caspool Rosegaten
Boek: Caspool Rosegaten, Spanje
Boek: Catalogue: Indonesian textiles & symboles
Boek: Caroline Bennett, 500 sushi
Boek: Caroline Trodel, Joseph Beuys: Coyote
Boek: Cees Nooteboom: Waar je gevallen bent, blijf je
Boek: Cees Nooteboom, Allerzielen
Boek: Cees Nooteboom, Rituelen
Boek: Chamecuraging Zuidelijk Frankrijk
Boek: Chinese: postspaarde ansicht
Boek: Chinese: postspaarde ansicht
Boek: Christiane Zeiff Romers, Simone de Beauvoir
Boek: Christoph Ransmayr, De laatste wereld
Boek: Claude Lévi-Strauss, Het wilde denken
Boek: Comptoir des Cotonniers
Boek: Coosje van Bruggen, Claes Oldenburg
Boek: Connie Palmen, Logboek van een
onbarmhartig jaar
Boek: Contemporary European Architects
Boek: Contemporary painting of the low countries
Boek: Cornelia Funke, Hart van inkt
Boek: Cornelis Verhoeven, Weerloos denken
Boek: Cormac McCarthy, The Road
Boek: Crowell, Leni Riefenstahl
Boek: D. H. Lawrence, Lady Chatterley's minnaar
Boek: D. H. Lawrence, Zonen en minnaars
Boek: Daan van Golden, Stedelijk Museum
Boek: Dalla Vacche
Boek: Dan Brown, Deception Point
Boek: Dan Brown, De Da Vinci Code
Boek: Daniel Kehlmann, Het meten van de wereld
Boek: Daniel Kehlmann, Tijl
Boek: David Bade, Het is goed zo
Boek: David Grossman, Tot het einde van het land
Boek: David Hockney, A Bigger Book
Boek: David Mitchell, Cloud Atlas
Boek: David Mitchell, Wolkenatlas
Boek: David Van Reybrouck, Congo
Boek: David Van Reybrouck, Revolusi
Boek: David Van Reybrouck, Zink
Boek: De Aldekerk, Zuidelijk Schaan
Boek: De Aldemaar Plaatsen aan de kust
Boek: De Bezige Bij, Wereldgeschiedenis
Boek: De bijbel
Boek: De Dikke Van Dale
Boek: De grote atlas
Boek: De kleine prins
Boek: De mooiste verhalen
Boek: De nieuwe kookbijbel
Boek: Delphine de Vigan, Niets weerstaat de nacht
Boek: Dimitri Verhulst, De helaasheid der dingen
Boek: Dimitri Verhulst, Godverdomse dagen op een
godverdomse bol
Boek: Don DeLillo, Underworld
Boek: Don DeLillo, White Noise
Boek: Donna Tartt, Het puttertje
Boek: Donna Tartt, De verborgen geschiedenis
Boek: Dostojevski, Misdaad en straf
Boek: Dostojevski, De gebroeders Karamazov
Boek: Dostojevski, De idioot
Boek: Douwe Draaisma, Waarom het leven sneller
gaat als je ouder wordt
Boek: E. L. Doctorow, Ragtime
Boek: Edgar Allan Poe, Verhalen
Boek: Elena Ferrante, De geniale vriendin
Boek: Elena Ferrante, Het verhaal van een nieuwe
naam
Boek: Elena Ferrante, Het verhaal van wie vlucht
en wie blijft
Boek: Elena Ferrante, Het verhaal van het
verloren kind
Boek: Elizabeth Strout, Olive Kitteridge
Boek: Elizabeth Strout, Mijn naam is Lucy Barton
Boek: Elly Beek
Boek: Emile Zola, Germinal
Boek: Emmanuel Carrère, Het koninkrijk
Boek: Emmanuel Carrère, Limonov
Boek: Eric Alba, Alleen voor de heimwee
Boek: Erik Vlaminck, Suikerspin
Boek: Erwin Mortier, Godenslaap
Boek: Erwin Mortier, Marcel
Boek: Esther Gerritsen, Dorst
Boek: F. Scott Fitzgerald, De grote Gatsby
Boek: Franz Kafka, Het proces
Boek: Franz Kafka, Het slot
Boek: Franz Kafka, De gedaanteverwisseling
Boek: Fridtjof Nansen, Wat ik op de reis zag
Boek: Gabriel García Márquez, Honderd jaar
eenzaamheid
Boek: Gabriel García Márquez, Liefde in tijden van
cholera
Boek: Geert Mak, In Europa
Boek: Geert Mak, De eeuw van mijn vader
Boek: Geert Mak, Hoe God verdween uit Jorwerd
Boek: Geert Mak, Reizen zonder John
Boek: Gerard Reve, De avonden
Boek: Gerard Reve, Op weg naar het einde
Boek: Gerard Reve, Nader tot U
Boek: Gerard Walschap, Houtekiet
Boek: Gerrit Komrij, Alle gedichten tot gisteren
Boek: Graham Swift, Waterland
Boek: Günter Grass, De blikken trommel
Boek: Haruki Murakami, 1Q84
Boek: Haruki Murakami, Kafka op het strand
Boek: Haruki Murakami, Norwegian Wood
Boek: Haruki Murakami, De opwindvogelkronieken
Boek: Harry Mulisch, De aanslag
Boek: Harry Mulisch, De ontdekking van de hemel
Boek: Harry Mulisch, Siegfried
Boek: Hella S. Haasse, Oeroeg
Boek: Hella S. Haasse, Het woud der verwachting
Boek: Herman Koch, Het diner
Boek: Herman Koch, Zomerhuis met zwembad
Boek: Herman Melville, Moby Dick
Boek: Hermann Hesse, De steppewolf
Boek: Hermann Hesse, Siddhartha
Boek: Hugo Claus, Het verdriet van België
Boek: Hugo Claus, De verwondering
Boek: Hugo Claus, De geruchten
Boek: Ian McEwan, Boetekleed
Boek: Ian McEwan, Zaterdag
Boek: Ian McEwan, Op Chesil Beach
Boek: Ida Simons, Een dwaze maagd
Boek: Ilja Leonard Pfeijffer, Brieven uit Genua
Boek: Irvin D. Yalom, Het raadsel Spinoza
Boek: Irvin D. Yalom, Nietzsches tranen
Boek: Isabel Allende, Het huis met de geesten
Boek: Italo Calvino, De onzichtbare steden
Boek: J. D. Salinger, De vanger in het graan
Boek: J. M. Coetzee, In ongenade
Boek: J. M. Coetzee, Wachten op de barbaren
Boek: J. R. R. Tolkien, In de ban van de ring
Boek: J. R. R. Tolkien, De hobbit
Boek: Jan Wolkers, Turks fruit
Boek: Jan Wolkers, Kort Amerikaans
Boek: Jeroen Brouwers, Bezonken rood
Boek: Jeroen Brouwers, Het hout
Boek: Jhumpa Lahiri, The Namesake
Boek: Joan Didion, Het jaar van magisch denken
Boek: John Irving, De wereld volgens Garp
Boek: John Irving, Bodemloos
Boek: John Steinbeck, De druiven der gramschap
Boek: John Steinbeck, Ten oosten van Eden
Boek: John Williams, Stoner
Boek: Jonathan Franzen, De correcties
Boek: Jonathan Franzen, Vrijheid
Boek: José Saramago, De stad der blinden
Boek: Joseph Roth, De Radetzkymars
Boek: Judith Herzberg, Het zesde gedicht
Boek: Julian Barnes, Alsof het voorbij is
Boek: Kader Abdolah, Het huis van de moskee
Boek: Kader Abdolah, Spijkerschrift
Boek: Karel van het Reve, Verzameld werk
Boek: Karl Ove Knausgård, Mijn strijd
Boek: Kazuo Ishiguro, Never let me go
Boek: Kazuo Ishiguro, De rest van de dag
Boek: Kees van Kooten, Modermismen
Boek: Khaled Hosseini, De vliegeraar
Boek: Koen Peeters, De mensen van het
wit
Boek: Kopfotokamer Chemecuraging 2003
Boek: Kopstukken Nouvelle, Lotti
Boek: Kopstukken Nouvelle, Descartes
